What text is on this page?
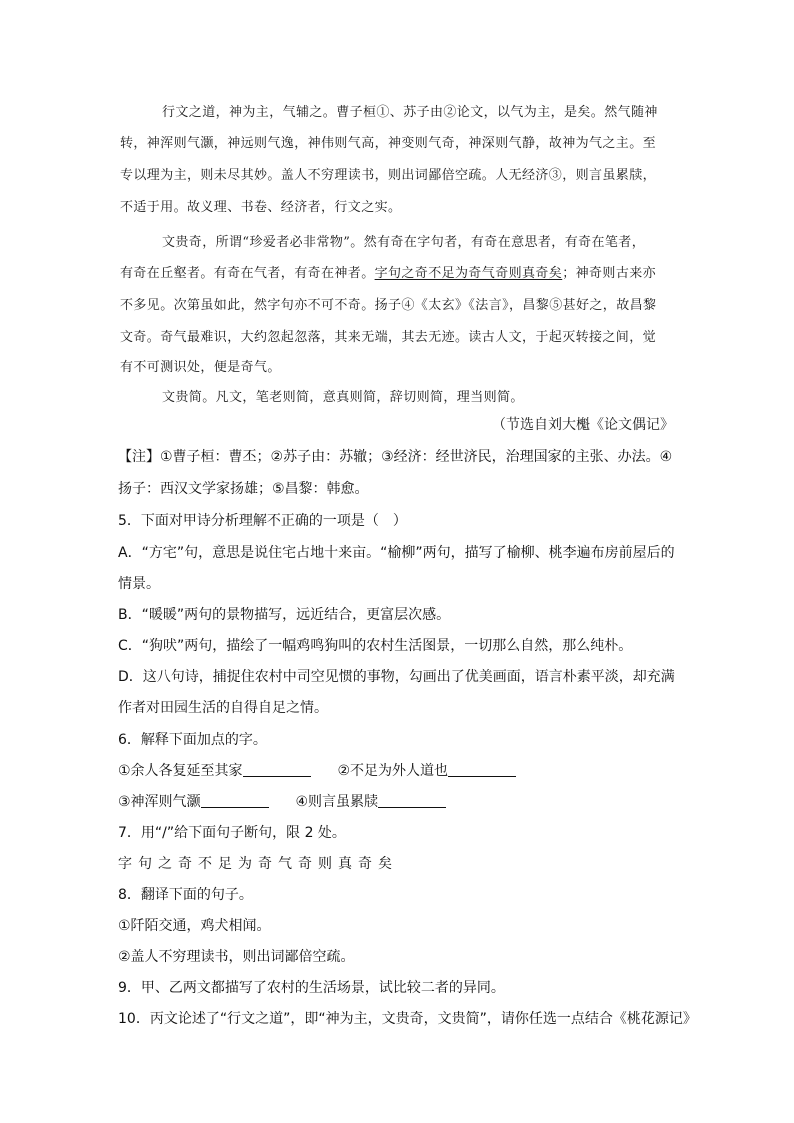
行文之道，神为主，气辅之。曹子桓①、苏子由②论文，以气为主，是矣。然气随神
转，神浑则气灏，神远则气逸，神伟则气高，神变则气奇，神深则气静，故神为气之主。至
专以理为主，则未尽其妙。盖人不穷理读书，则出词鄙倍空疏。人无经济③，则言虽累牍，
不适于用。故义理、书卷、经济者，行文之实。
文贵奇，所谓“珍爱者必非常物”。然有奇在字句者，有奇在意思者，有奇在笔者，
有奇在丘壑者。有奇在气者，有奇在神者。字句之奇不足为奇气奇则真奇矣；神奇则古来亦
不多见。次第虽如此，然字句亦不可不奇。扬子④《太玄》《法言》，昌黎⑤甚好之，故昌黎
文奇。奇气最难识，大约忽起忽落，其来无端，其去无迹。读古人文，于起灭转接之间，觉
有不可测识处，便是奇气。
文贵简。凡文，笔老则简，意真则简，辞切则简，理当则简。
（节选自刘大櫆《论文偶记》
【注】①曹子桓：曹丕；②苏子由：苏辙；③经济：经世济民，治理国家的主张、办法。④
扬子：西汉文学家扬雄；⑤昌黎：韩愈。
5．下面对甲诗分析理解不正确的一项是（　）
A．“方宅”句，意思是说住宅占地十来亩。“榆柳”两句，描写了榆柳、桃李遍布房前屋后的
情景。
B．“暖暖”两句的景物描写，远近结合，更富层次感。
C．“狗吠”两句，描绘了一幅鸡鸣狗叫的农村生活图景，一切那么自然，那么纯朴。
D．这八句诗，捕捉住农村中司空见惯的事物，勾画出了优美画面，语言朴素平淡，却充满
作者对田园生活的自得自足之情。
6．解释下面加点的字。
①余人各复延至其家	②不足为外人道也
③神浑则气灏	④则言虽累牍
7．用“/”给下面句子断句，限 2 处。
字句之奇不足为奇气奇则真奇矣
8．翻译下面的句子。
①阡陌交通，鸡犬相闻。
②盖人不穷理读书，则出词鄙倍空疏。
9．甲、乙两文都描写了农村的生活场景，试比较二者的异同。
10．丙文论述了“行文之道”，即“神为主，文贵奇，文贵简”，请你任选一点结合《桃花源记》
